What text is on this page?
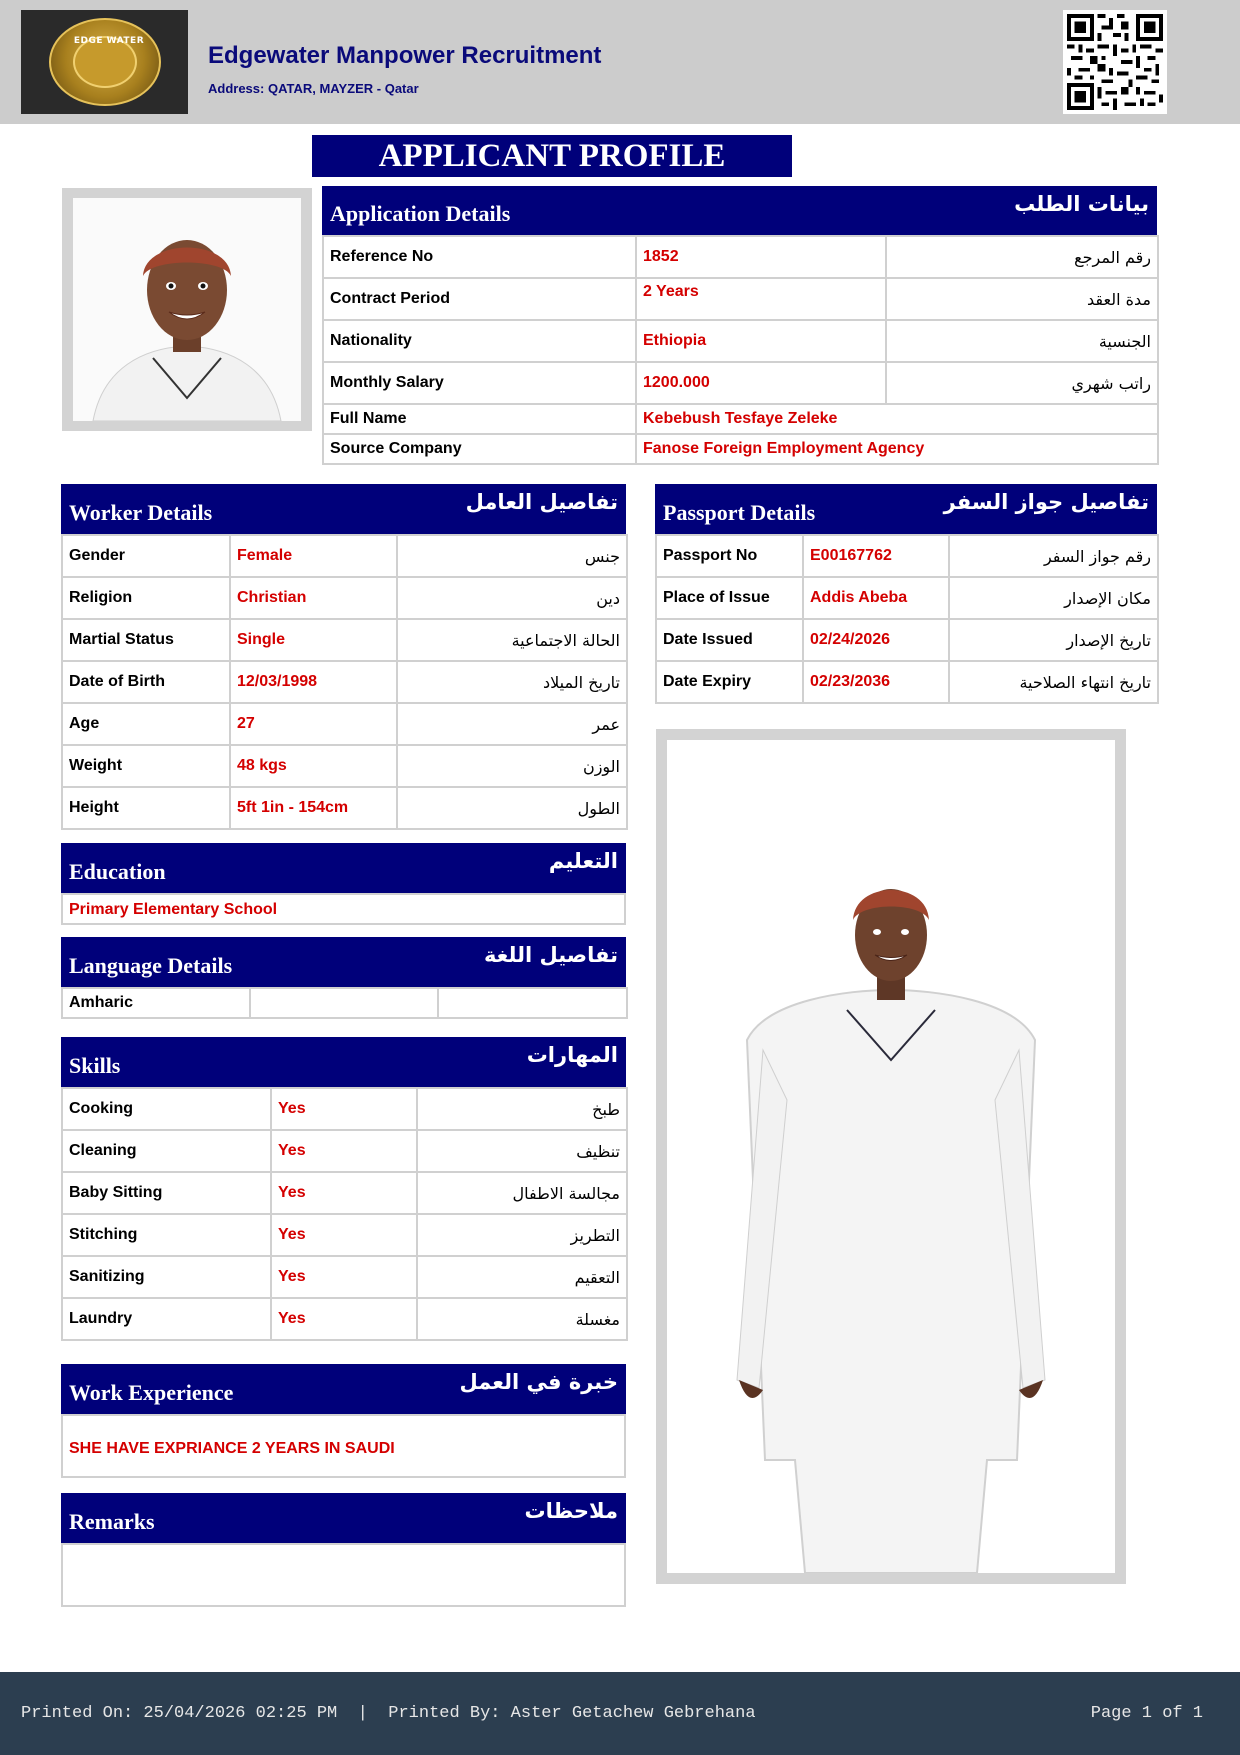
EDGE WATER
Edgewater Manpower Recruitment
Address: QATAR, MAYZER - Qatar
APPLICANT PROFILE
Application Details	بيانات الطلب
Reference No	1852	رقم المرجع
Contract Period	2 Years	مدة العقد
Nationality	Ethiopia	الجنسية
Monthly Salary	1200.000	راتب شهري
Full Name	Kebebush Tesfaye Zeleke	
Source Company	Fanose Foreign Employment Agency	
Worker Details	تفاصيل العامل
Gender	Female	جنس
Religion	Christian	دين
Martial Status	Single	الحالة الاجتماعية
Date of Birth	12/03/1998	تاريخ الميلاد
Age	27	عمر
Weight	48 kgs	الوزن
Height	5ft 1in - 154cm	الطول
Passport Details	تفاصيل جواز السفر
Passport No	E00167762	رقم جواز السفر
Place of Issue	Addis Abeba	مكان الإصدار
Date Issued	02/24/2026	تاريخ الإصدار
Date Expiry	02/23/2036	تاريخ انتهاء الصلاحية
Education	التعليم
Primary Elementary School
Language Details	تفاصيل اللغة
Amharic		
Skills	المهارات
Cooking	Yes	طبخ
Cleaning	Yes	تنظيف
Baby Sitting	Yes	مجالسة الاطفال
Stitching	Yes	التطريز
Sanitizing	Yes	التعقيم
Laundry	Yes	مغسلة
Work Experience	خبرة في العمل
SHE HAVE EXPRIANCE 2 YEARS IN SAUDI
Remarks	ملاحظات
Printed On: 25/04/2026 02:25 PM  |  Printed By: Aster Getachew Gebrehana	Page 1 of 1
